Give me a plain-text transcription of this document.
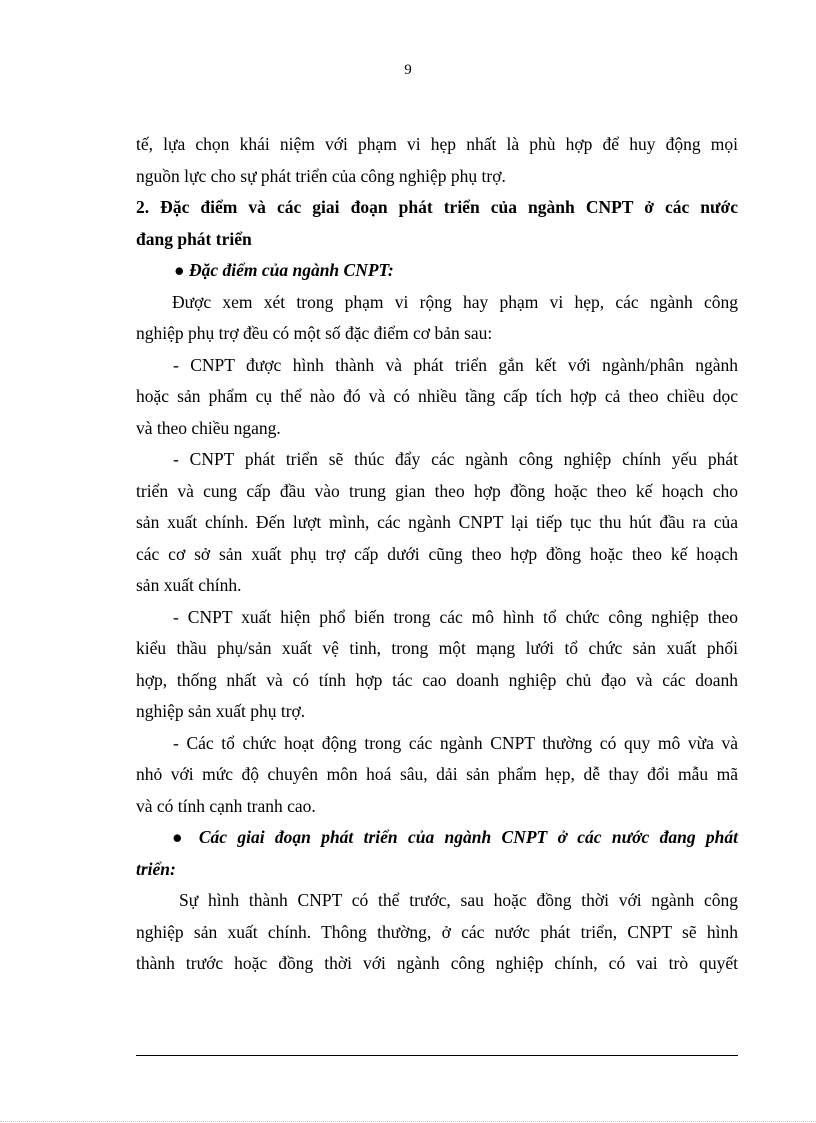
9
tế, lựa chọn khái niệm với phạm vi hẹp nhất là phù hợp để huy động mọi
nguồn lực cho sự phát triển của công nghiệp phụ trợ.
2. Đặc điểm và các giai đoạn phát triển của ngành CNPT ở các nước
đang phát triển
● Đặc điểm của ngành CNPT:
Được xem xét trong phạm vi rộng hay phạm vi hẹp, các ngành công
nghiệp phụ trợ đều có một số đặc điểm cơ bản sau:
- CNPT được hình thành và phát triển gắn kết với ngành/phân ngành
hoặc sản phẩm cụ thể nào đó và có nhiều tầng cấp tích hợp cả theo chiều dọc
và theo chiều ngang.
- CNPT phát triển sẽ thúc đẩy các ngành công nghiệp chính yếu phát
triển và cung cấp đầu vào trung gian theo hợp đồng hoặc theo kế hoạch cho
sản xuất chính. Đến lượt mình, các ngành CNPT lại tiếp tục thu hút đầu ra của
các cơ sở sản xuất phụ trợ cấp dưới cũng theo hợp đồng hoặc theo kế hoạch
sản xuất chính.
- CNPT xuất hiện phổ biến trong các mô hình tổ chức công nghiệp theo
kiểu thầu phụ/sản xuất vệ tinh, trong một mạng lưới tổ chức sản xuất phối
hợp, thống nhất và có tính hợp tác cao doanh nghiệp chủ đạo và các doanh
nghiệp sản xuất phụ trợ.
- Các tổ chức hoạt động trong các ngành CNPT thường có quy mô vừa và
nhỏ với mức độ chuyên môn hoá sâu, dải sản phẩm hẹp, dễ thay đổi mẫu mã
và có tính cạnh tranh cao.
● Các giai đoạn phát triển của ngành CNPT ở các nước đang phát
triển:
Sự hình thành CNPT có thể trước, sau hoặc đồng thời với ngành công
nghiệp sản xuất chính. Thông thường, ở các nước phát triển, CNPT sẽ hình
thành trước hoặc đồng thời với ngành công nghiệp chính, có vai trò quyết
